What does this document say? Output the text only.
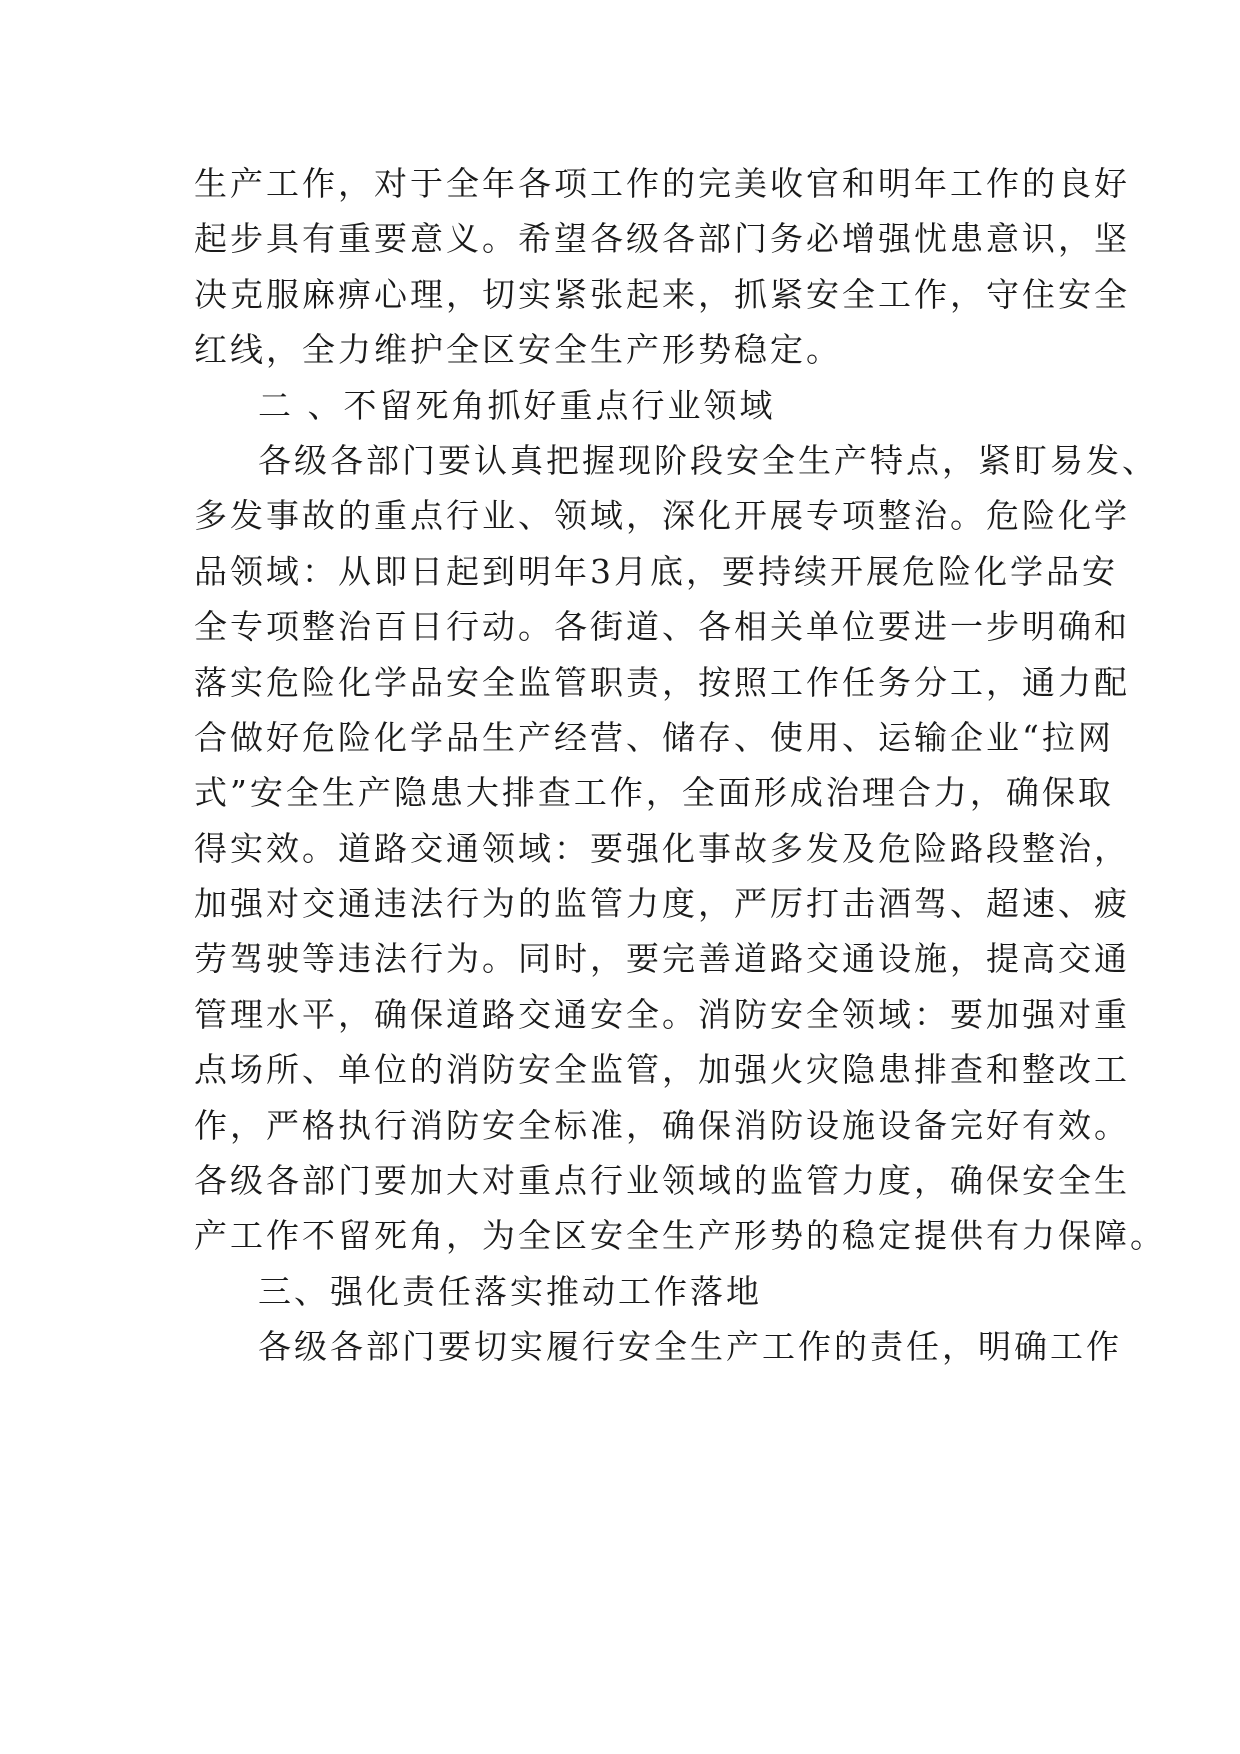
生产工作，对于全年各项工作的完美收官和明年工作的良好
起步具有重要意义。希望各级各部门务必增强忧患意识，坚
决克服麻痹心理，切实紧张起来，抓紧安全工作，守住安全
红线，全力维护全区安全生产形势稳定。
二 、不留死角抓好重点行业领域
各级各部门要认真把握现阶段安全生产特点，紧盯易发、
多发事故的重点行业、领域，深化开展专项整治。危险化学
品领域：从即日起到明年3月底，要持续开展危险化学品安
全专项整治百日行动。各街道、各相关单位要进一步明确和
落实危险化学品安全监管职责，按照工作任务分工，通力配
合做好危险化学品生产经营、储存、使用、运输企业“拉网
式”安全生产隐患大排查工作，全面形成治理合力，确保取
得实效。道路交通领域：要强化事故多发及危险路段整治，
加强对交通违法行为的监管力度，严厉打击酒驾、超速、疲
劳驾驶等违法行为。同时，要完善道路交通设施，提高交通
管理水平，确保道路交通安全。消防安全领域：要加强对重
点场所、单位的消防安全监管，加强火灾隐患排查和整改工
作，严格执行消防安全标准，确保消防设施设备完好有效。
各级各部门要加大对重点行业领域的监管力度，确保安全生
产工作不留死角，为全区安全生产形势的稳定提供有力保障。
三、强化责任落实推动工作落地
各级各部门要切实履行安全生产工作的责任，明确工作
